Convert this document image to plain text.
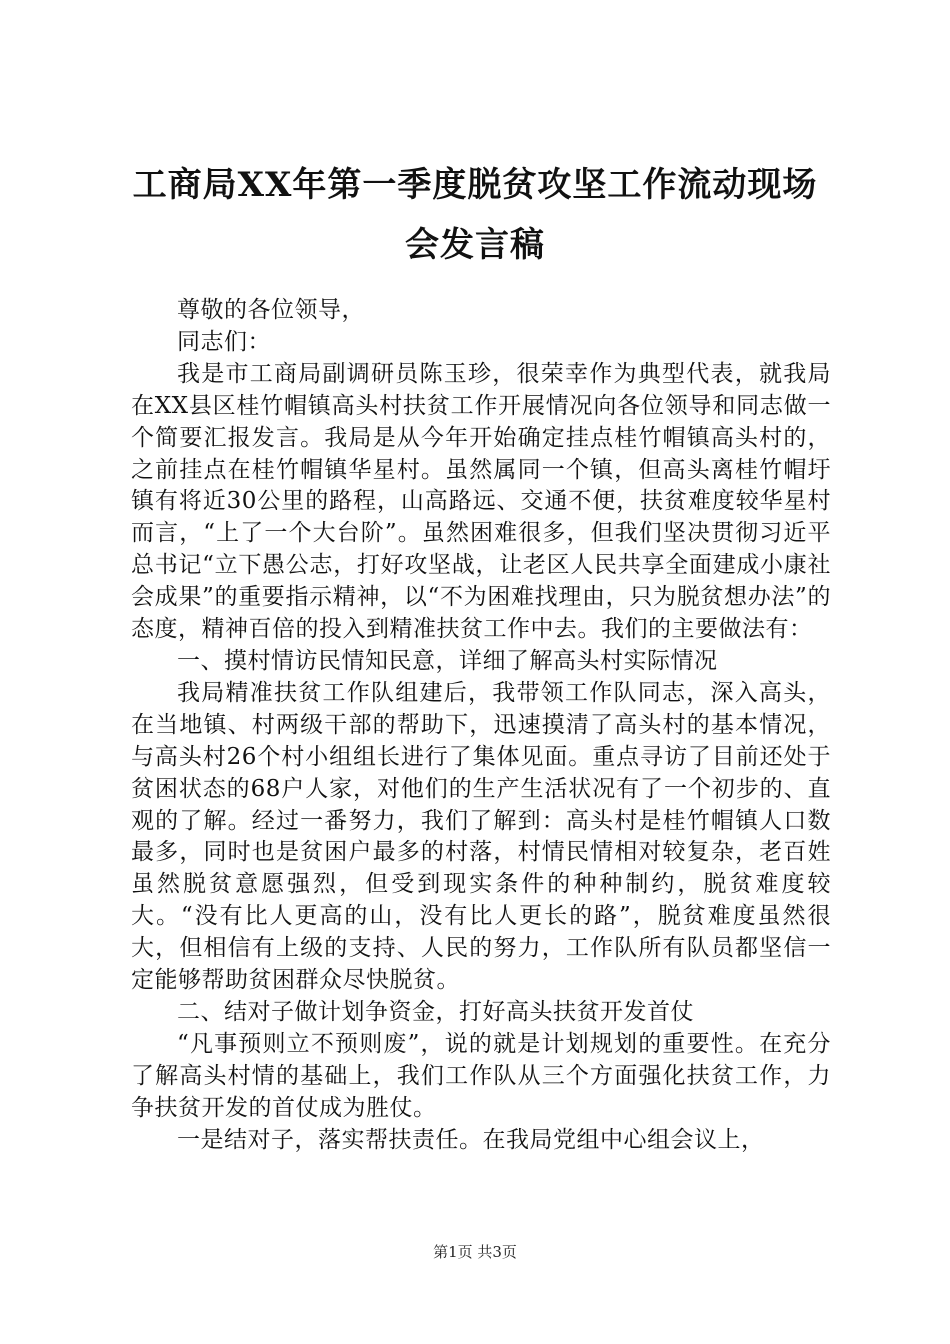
工商局XX年第一季度脱贫攻坚工作流动现场会发言稿

尊敬的各位领导，

同志们：

我是市工商局副调研员陈玉珍，很荣幸作为典型代表，就我局在XX县区桂竹帽镇高头村扶贫工作开展情况向各位领导和同志做一个简要汇报发言。我局是从今年开始确定挂点桂竹帽镇高头村的，之前挂点在桂竹帽镇华星村。虽然属同一个镇，但高头离桂竹帽圩镇有将近30公里的路程，山高路远、交通不便，扶贫难度较华星村而言，“上了一个大台阶”。虽然困难很多，但我们坚决贯彻习近平总书记“立下愚公志，打好攻坚战，让老区人民共享全面建成小康社会成果”的重要指示精神，以“不为困难找理由，只为脱贫想办法”的态度，精神百倍的投入到精准扶贫工作中去。我们的主要做法有：

一、摸村情访民情知民意，详细了解高头村实际情况

我局精准扶贫工作队组建后，我带领工作队同志，深入高头，在当地镇、村两级干部的帮助下，迅速摸清了高头村的基本情况，与高头村26个村小组组长进行了集体见面。重点寻访了目前还处于贫困状态的68户人家，对他们的生产生活状况有了一个初步的、直观的了解。经过一番努力，我们了解到：高头村是桂竹帽镇人口数最多，同时也是贫困户最多的村落，村情民情相对较复杂，老百姓虽然脱贫意愿强烈，但受到现实条件的种种制约，脱贫难度较大。“没有比人更高的山，没有比人更长的路”，脱贫难度虽然很大，但相信有上级的支持、人民的努力，工作队所有队员都坚信一定能够帮助贫困群众尽快脱贫。

二、结对子做计划争资金，打好高头扶贫开发首仗

“凡事预则立不预则废”，说的就是计划规划的重要性。在充分了解高头村情的基础上，我们工作队从三个方面强化扶贫工作，力争扶贫开发的首仗成为胜仗。

一是结对子，落实帮扶责任。在我局党组中心组会议上，

第1页 共3页
